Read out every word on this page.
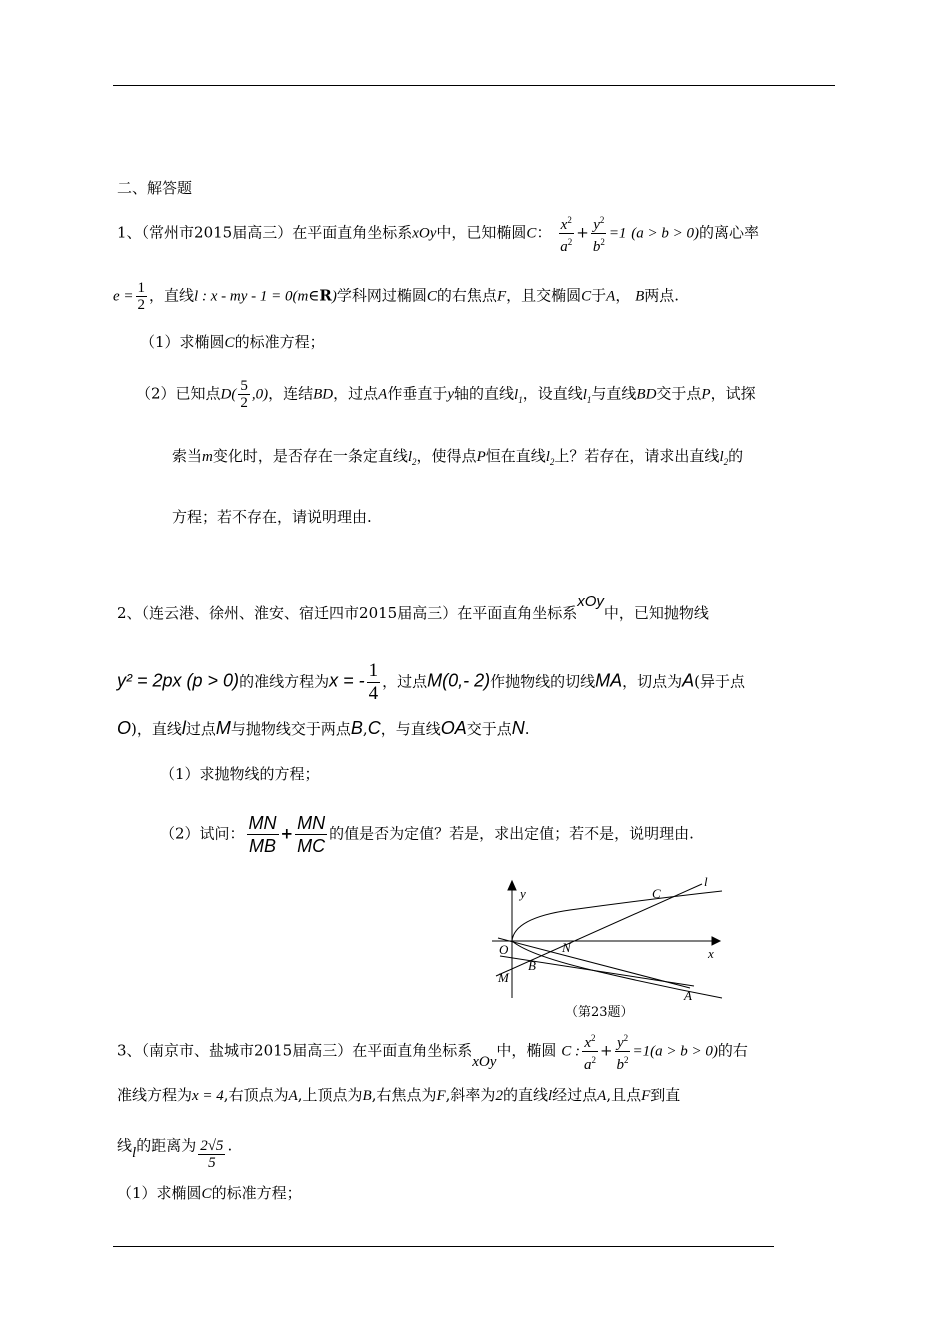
二、解答题
1、（常州市2015届高三）在平面直角坐标系xOy中，已知椭圆C： $\frac{x^2}{a^2} + \frac{y^2}{b^2} =1$ (a > b > 0)的离心率
$e = \frac{1}{2}$ ，直线l : x - my - 1 = 0(m∈R)学科网过椭圆C的右焦点F，且交椭圆C于A， B两点.
（1）求椭圆C的标准方程；
（2）已知点$D( \frac{5}{2} ,0)$，连结BD，过点A作垂直于y轴的直线$l_1$，设直线$l_1$与直线BD交于点P，试探
索当m变化时，是否存在一条定直线$l_2$，使得点P恒在直线$l_2$上？若存在，请求出直线$l_2$的
方程；若不存在，请说明理由.
2、（连云港、徐州、淮安、宿迁四市2015届高三）在平面直角坐标系xOy中，已知抛物线
y² = 2px (p > 0)的准线方程为x = - $\frac{1}{4}$ ，过点M(0,- 2)作抛物线的切线MA，切点为A(异于点
O)，直线l过点M与抛物线交于两点B,C，与直线OA交于点N.
（1）求抛物线的方程；
（2）试问： $\frac{MN}{MB} + \frac{MN}{MC}$ 的值是否为定值？若是，求出定值；若不是，说明理由.
y
x
O
M
B
N
C
l
A
（第23题）
3、（南京市、盐城市2015届高三）在平面直角坐标系xOy中，椭圆 C : $\frac{x^2}{a^2} + \frac{y^2}{b^2} =1(a > b > 0)$的右
准线方程为x = 4,右顶点为A,上顶点为B,右焦点为F,斜率为2的直线l经过点A,且点F到直
线l的距离为 $\frac{2√5}{5}$ .
（1）求椭圆C的标准方程；
